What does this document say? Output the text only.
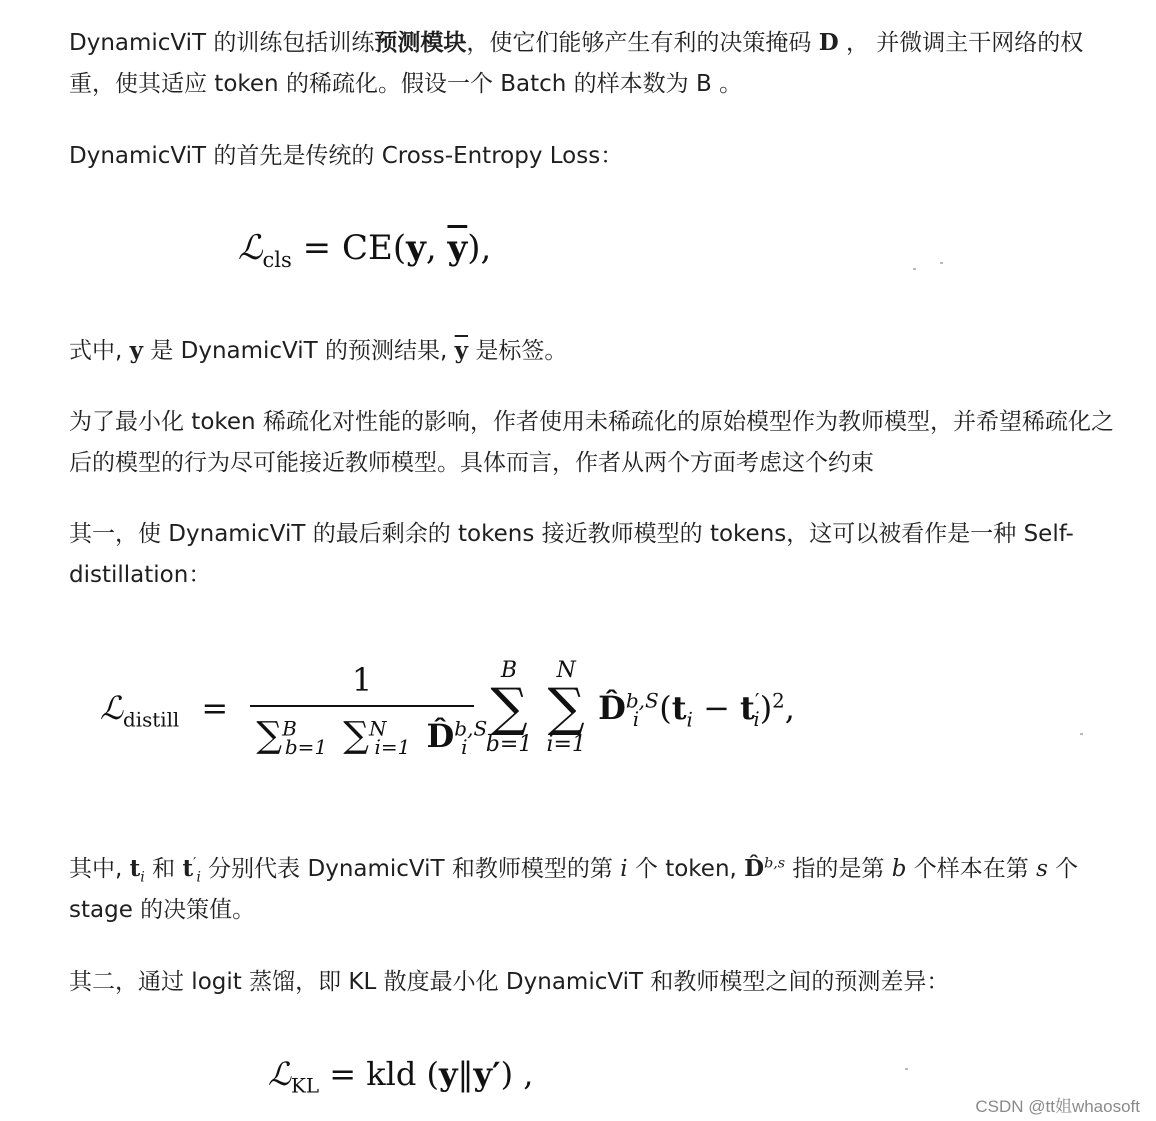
DynamicViT 的训练包括训练预测模块，使它们能够产生有利的决策掩码 D ， 并微调主干网络的权重，使其适应 token 的稀疏化。假设一个 Batch 的样本数为 B 。

DynamicViT 的首先是传统的 Cross-Entropy Loss：

式中, y 是 DynamicViT 的预测结果, $\overline{y}$ 是标签。

为了最小化 token 稀疏化对性能的影响，作者使用未稀疏化的原始模型作为教师模型，并希望稀疏化之后的模型的行为尽可能接近教师模型。具体而言，作者从两个方面考虑这个约束

其一，使 DynamicViT 的最后剩余的 tokens 接近教师模型的 tokens，这可以被看作是一种 Self-distillation：

其中, $t_i$ 和 $t'_i$ 分别代表 DynamicViT 和教师模型的第 i 个 token, D̂$^{b,s}$ 指的是第 b 个样本在第 s 个 stage 的决策值。

其二，通过 logit 蒸馏，即 KL 散度最小化 DynamicViT 和教师模型之间的预测差异：

ℒ$_{cls}$ = CE(y, $\overline{y}$),
ℒ$_{distill}$ = $\frac{1}{\sum^B_{b=1} \sum^N_{i=1} D̂^{b,S}_i}$
	B
∑
b=1

N
∑
i=1
D̂$^{b,S}_i$ $(t_i - t'_i)^2$,
ℒ$_{KL}$ = kld (y‖y′) ,
CSDN @tt姐whaosoft
